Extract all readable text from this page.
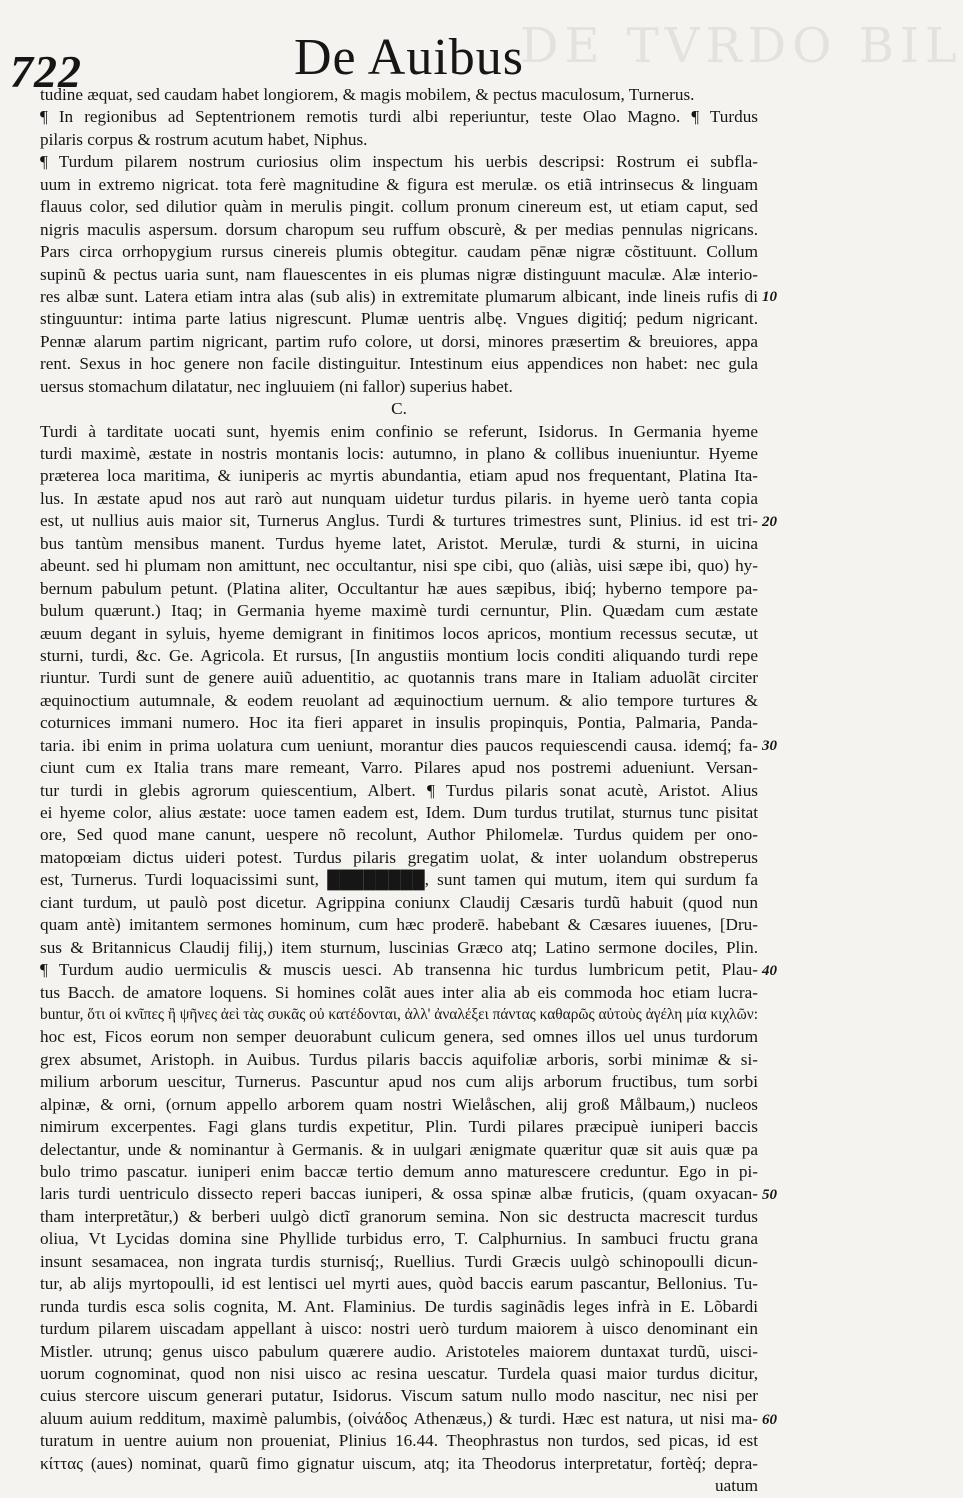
DE TVRDO BIL
722	De Auibus
tudine æquat, sed caudam habet longiorem, & magis mobilem, & pectus maculosum, Turnerus.
¶ In regionibus ad Septentrionem remotis turdi albi reperiuntur, teste Olao Magno. ¶ Turdus
pilaris corpus & rostrum acutum habet, Niphus.
¶ Turdum pilarem nostrum curiosius olim inspectum his uerbis descripsi: Rostrum ei subfla-
uum in extremo nigricat. tota ferè magnitudine & figura est merulæ. os etiã intrinsecus & linguam
flauus color, sed dilutior quàm in merulis pingit. collum pronum cinereum est, ut etiam caput, sed
nigris maculis aspersum. dorsum charopum seu ruffum obscurè, & per medias pennulas nigricans.
Pars circa orrhopygium rursus cinereis plumis obtegitur. caudam pēnæ nigræ cõstituunt. Collum
supinũ & pectus uaria sunt, nam flauescentes in eis plumas nigræ distinguunt maculæ. Alæ interio-
res albæ sunt. Latera etiam intra alas (sub alis) in extremitate plumarum albicant, inde lineis rufis di
stinguuntur: intima parte latius nigrescunt. Plumæ uentris albę. Vngues digitiq́; pedum nigricant.
Pennæ alarum partim nigricant, partim rufo colore, ut dorsi, minores præsertim & breuiores, appa
rent. Sexus in hoc genere non facile distinguitur. Intestinum eius appendices non habet: nec gula
uersus stomachum dilatatur, nec ingluuiem (ni fallor) superius habet.
C.
Turdi à tarditate uocati sunt, hyemis enim confinio se referunt, Isidorus. In Germania hyeme
turdi maximè, æstate in nostris montanis locis: autumno, in plano & collibus inueniuntur. Hyeme
præterea loca maritima, & iuniperis ac myrtis abundantia, etiam apud nos frequentant, Platina Ita-
lus. In æstate apud nos aut rarò aut nunquam uidetur turdus pilaris. in hyeme uerò tanta copia
est, ut nullius auis maior sit, Turnerus Anglus. Turdi & turtures trimestres sunt, Plinius. id est tri-
bus tantùm mensibus manent. Turdus hyeme latet, Aristot. Merulæ, turdi & sturni, in uicina
abeunt. sed hi plumam non amittunt, nec occultantur, nisi spe cibi, quo (aliàs, uisi sæpe ibi, quo) hy-
bernum pabulum petunt. (Platina aliter, Occultantur hæ aues sæpibus, ibiq́; hyberno tempore pa-
bulum quærunt.) Itaq; in Germania hyeme maximè turdi cernuntur, Plin. Quædam cum æstate
æuum degant in syluis, hyeme demigrant in finitimos locos apricos, montium recessus secutæ, ut
sturni, turdi, &c. Ge. Agricola. Et rursus, [In angustiis montium locis conditi aliquando turdi repe
riuntur. Turdi sunt de genere auiũ aduentitio, ac quotannis trans mare in Italiam aduolãt circiter
æquinoctium autumnale, & eodem reuolant ad æquinoctium uernum. & alio tempore turtures &
coturnices immani numero. Hoc ita fieri apparet in insulis propinquis, Pontia, Palmaria, Panda-
taria. ibi enim in prima uolatura cum ueniunt, morantur dies paucos requiescendi causa. idemq́; fa-
ciunt cum ex Italia trans mare remeant, Varro. Pilares apud nos postremi adueniunt. Versan-
tur turdi in glebis agrorum quiescentium, Albert. ¶ Turdus pilaris sonat acutè, Aristot. Alius
ei hyeme color, alius æstate: uoce tamen eadem est, Idem. Dum turdus trutilat, sturnus tunc pisitat
ore, Sed quod mane canunt, uespere nõ recolunt, Author Philomelæ. Turdus quidem per ono-
matopœiam dictus uideri potest. Turdus pilaris gregatim uolat, & inter uolandum obstreperus
est, Turnerus. Turdi loquacissimi sunt, ████████, sunt tamen qui mutum, item qui surdum fa
ciant turdum, ut paulò post dicetur. Agrippina coniunx Claudij Cæsaris turdũ habuit (quod nun
quam antè) imitantem sermones hominum, cum hæc proderē. habebant & Cæsares iuuenes, [Dru-
sus & Britannicus Claudij filij,) item sturnum, luscinias Græco atq; Latino sermone dociles, Plin.
¶ Turdum audio uermiculis & muscis uesci. Ab transenna hic turdus lumbricum petit, Plau-
tus Bacch. de amatore loquens. Si homines colãt aues inter alia ab eis commoda hoc etiam lucra-
buntur, ὅτι οἱ κνῖπες ἢ ψῆνες ἀεὶ τὰς συκᾶς οὐ κατέδονται, ἀλλ' ἀναλέξει πάντας καθαρῶς αὐτοὺς ἀγέλη μία κιχλῶν:
hoc est, Ficos eorum non semper deuorabunt culicum genera, sed omnes illos uel unus turdorum
grex absumet, Aristoph. in Auibus. Turdus pilaris baccis aquifoliæ arboris, sorbi minimæ & si-
milium arborum uescitur, Turnerus. Pascuntur apud nos cum alijs arborum fructibus, tum sorbi
alpinæ, & orni, (ornum appello arborem quam nostri Wielåschen, alij groß Målbaum,) nucleos
nimirum excerpentes. Fagi glans turdis expetitur, Plin. Turdi pilares præcipuè iuniperi baccis
delectantur, unde & nominantur à Germanis. & in uulgari ænigmate quæritur quæ sit auis quæ pa
bulo trimo pascatur. iuniperi enim baccæ tertio demum anno maturescere creduntur. Ego in pi-
laris turdi uentriculo dissecto reperi baccas iuniperi, & ossa spinæ albæ fruticis, (quam oxyacan-
tham interpretãtur,) & berberi uulgò dictĩ granorum semina. Non sic destructa macrescit turdus
oliua, Vt Lycidas domina sine Phyllide turbidus erro, T. Calphurnius. In sambuci fructu grana
insunt sesamacea, non ingrata turdis sturnisq́;, Ruellius. Turdi Græcis uulgò schinopoulli dicun-
tur, ab alijs myrtopoulli, id est lentisci uel myrti aues, quòd baccis earum pascantur, Bellonius. Tu-
runda turdis esca solis cognita, M. Ant. Flaminius. De turdis saginãdis leges infrà in E. Lõbardi
turdum pilarem uiscadam appellant à uisco: nostri uerò turdum maiorem à uisco denominant ein
Mistler. utrunq; genus uisco pabulum quærere audio. Aristoteles maiorem duntaxat turdũ, uisci-
uorum cognominat, quod non nisi uisco ac resina uescatur. Turdela quasi maior turdus dicitur,
cuius stercore uiscum generari putatur, Isidorus. Viscum satum nullo modo nascitur, nec nisi per
aluum auium redditum, maximè palumbis, (οἰνάδος Athenæus,) & turdi. Hæc est natura, ut nisi ma-
turatum in uentre auium non proueniat, Plinius 16.44. Theophrastus non turdos, sed picas, id est
κίττας (aues) nominat, quarũ fimo gignatur uiscum, atq; ita Theodorus interpretatur, fortèq́; depra-
uatum
10
20
30
40
50
60
